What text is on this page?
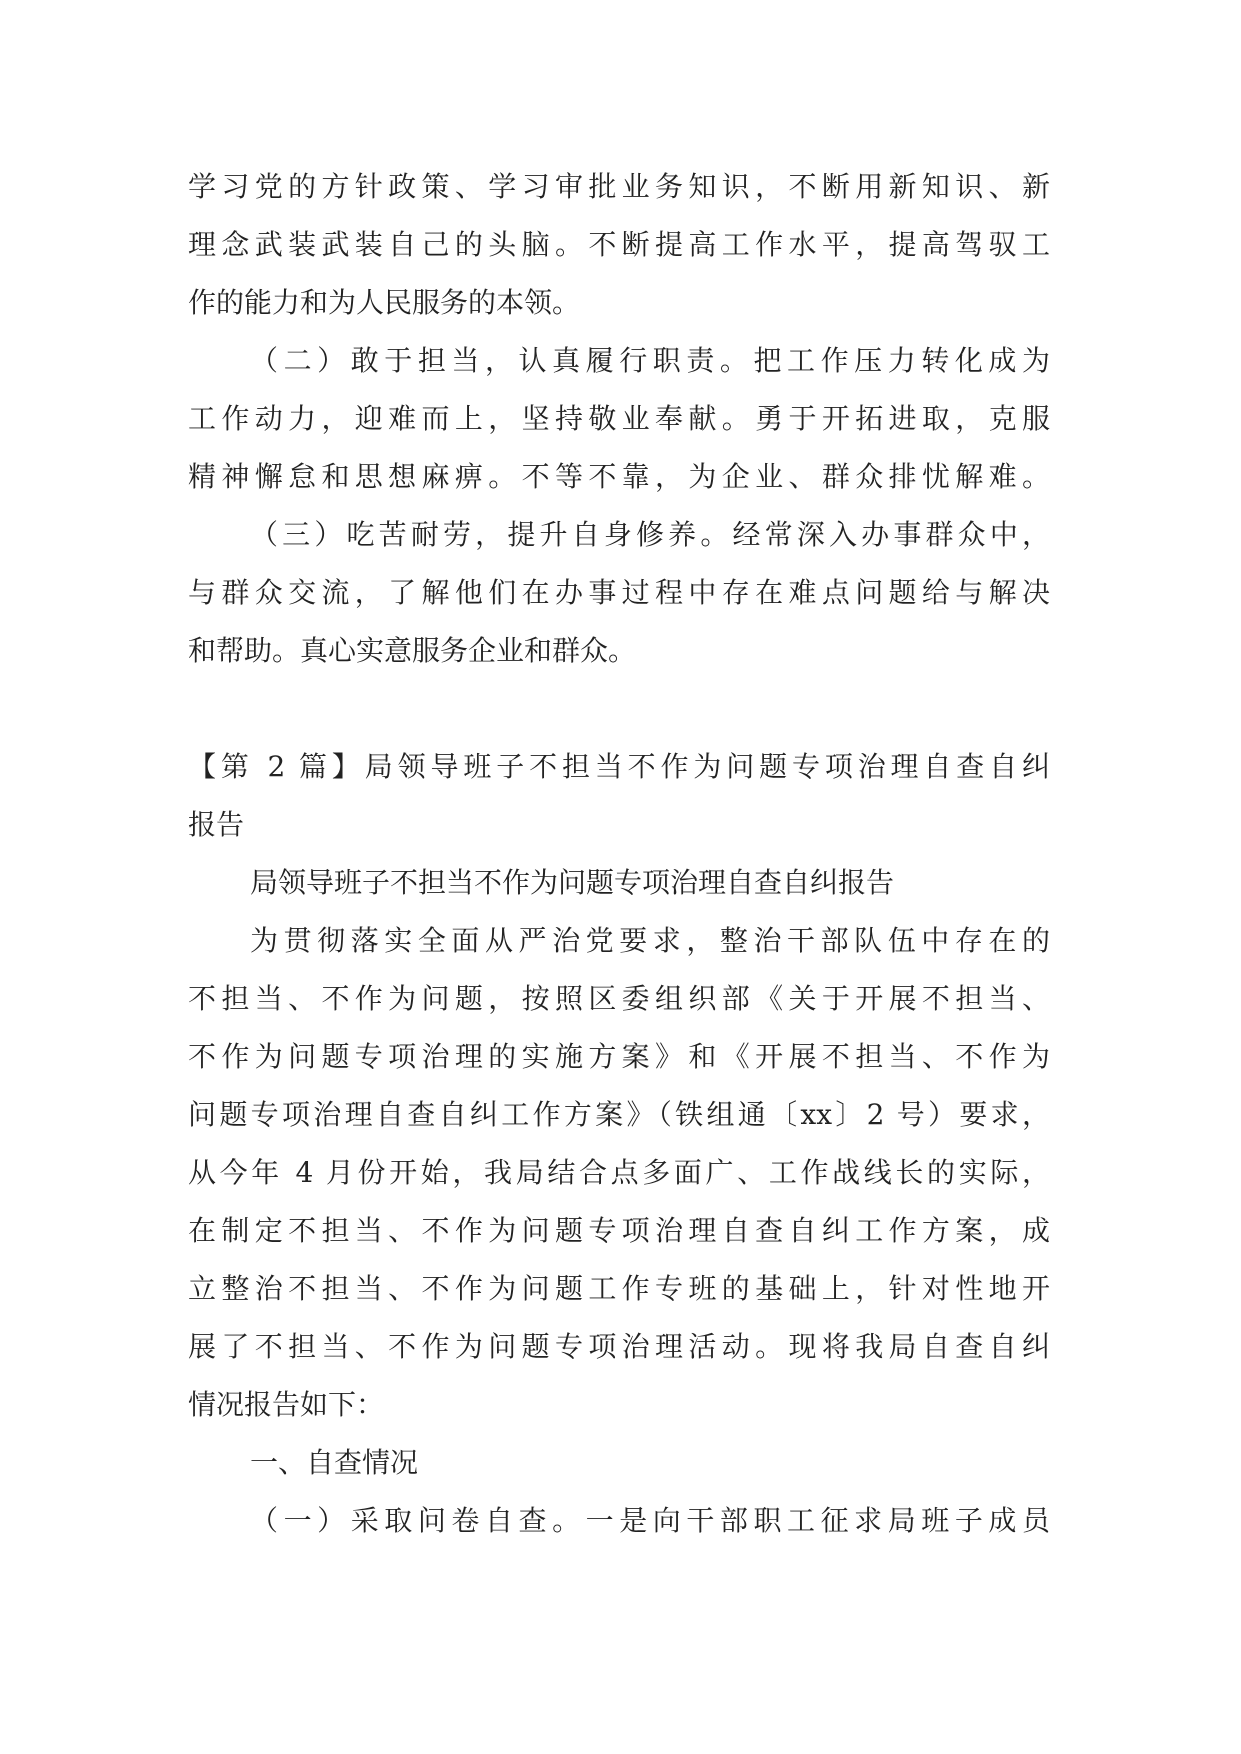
学习党的方针政策、学习审批业务知识，不断用新知识、新

理念武装武装自己的头脑。不断提高工作水平，提高驾驭工

作的能力和为人民服务的本领。

（二）敢于担当，认真履行职责。把工作压力转化成为

工作动力，迎难而上，坚持敬业奉献。勇于开拓进取，克服

精神懈怠和思想麻痹。不等不靠，为企业、群众排忧解难。

（三）吃苦耐劳，提升自身修养。经常深入办事群众中，

与群众交流，了解他们在办事过程中存在难点问题给与解决

和帮助。真心实意服务企业和群众。

【第 2 篇】局领导班子不担当不作为问题专项治理自查自纠

报告

局领导班子不担当不作为问题专项治理自查自纠报告

为贯彻落实全面从严治党要求，整治干部队伍中存在的

不担当、不作为问题，按照区委组织部《关于开展不担当、

不作为问题专项治理的实施方案》和《开展不担当、不作为

问题专项治理自查自纠工作方案》（铁组通〔xx〕2 号）要求，

从今年 4 月份开始，我局结合点多面广、工作战线长的实际，

在制定不担当、不作为问题专项治理自查自纠工作方案，成

立整治不担当、不作为问题工作专班的基础上，针对性地开

展了不担当、不作为问题专项治理活动。现将我局自查自纠

情况报告如下：

一、自查情况

（一）采取问卷自查。一是向干部职工征求局班子成员
